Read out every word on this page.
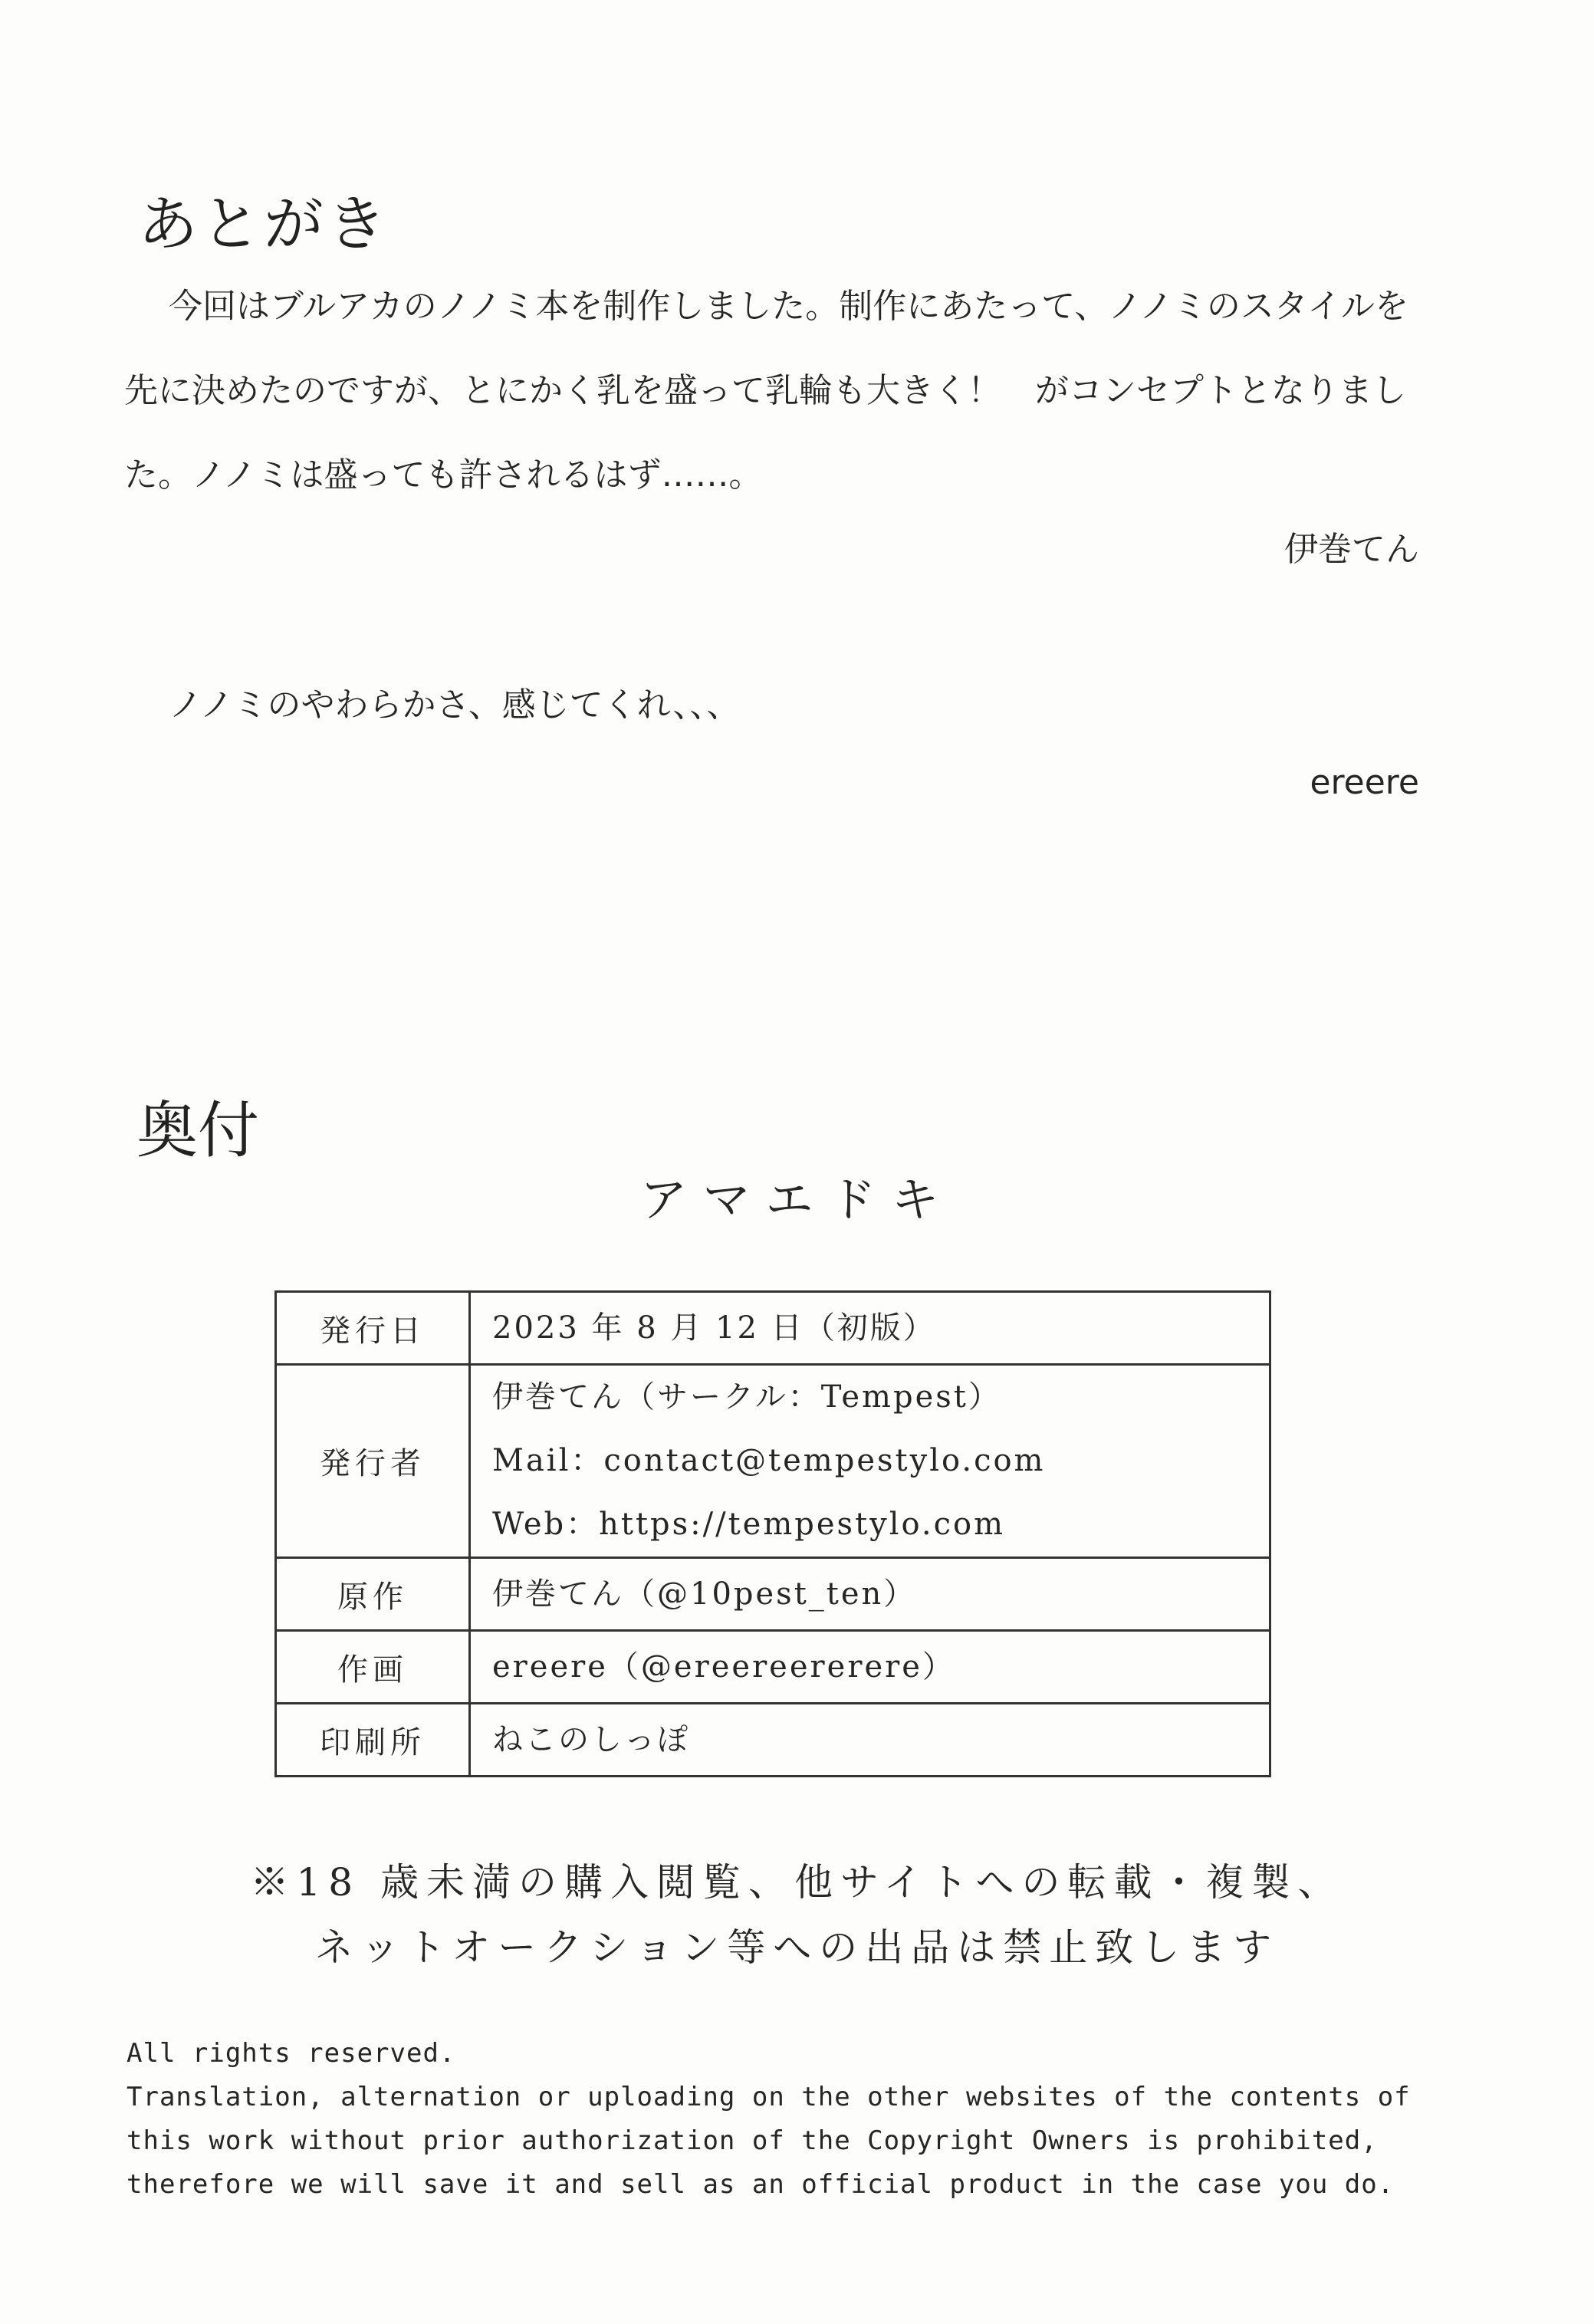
あとがき

今回はブルアカのノノミ本を制作しました。制作にあたって、ノノミのスタイルを先に決めたのですが、とにかく乳を盛って乳輪も大きく！　がコンセプトとなりました。ノノミは盛っても許されるはず……。

伊巻てん

ノノミのやわらかさ、感じてくれ、、、

ereere

奥付

アマエドキ

発行日	2023 年 8 月 12 日（初版）

発行者	伊巻てん（サークル：Tempest）
Mail：contact@tempestylo.com
Web：https://tempestylo.com

原作	伊巻てん（@10pest_ten）

作画	ereere（@ereereererere）

印刷所	ねこのしっぽ

※18 歳未満の購入閲覧、他サイトへの転載・複製、

ネットオークション等への出品は禁止致します

All rights reserved.
Translation, alternation or uploading on the other websites of the contents of
this work without prior authorization of the Copyright Owners is prohibited,
therefore we will save it and sell as an official product in the case you do.
